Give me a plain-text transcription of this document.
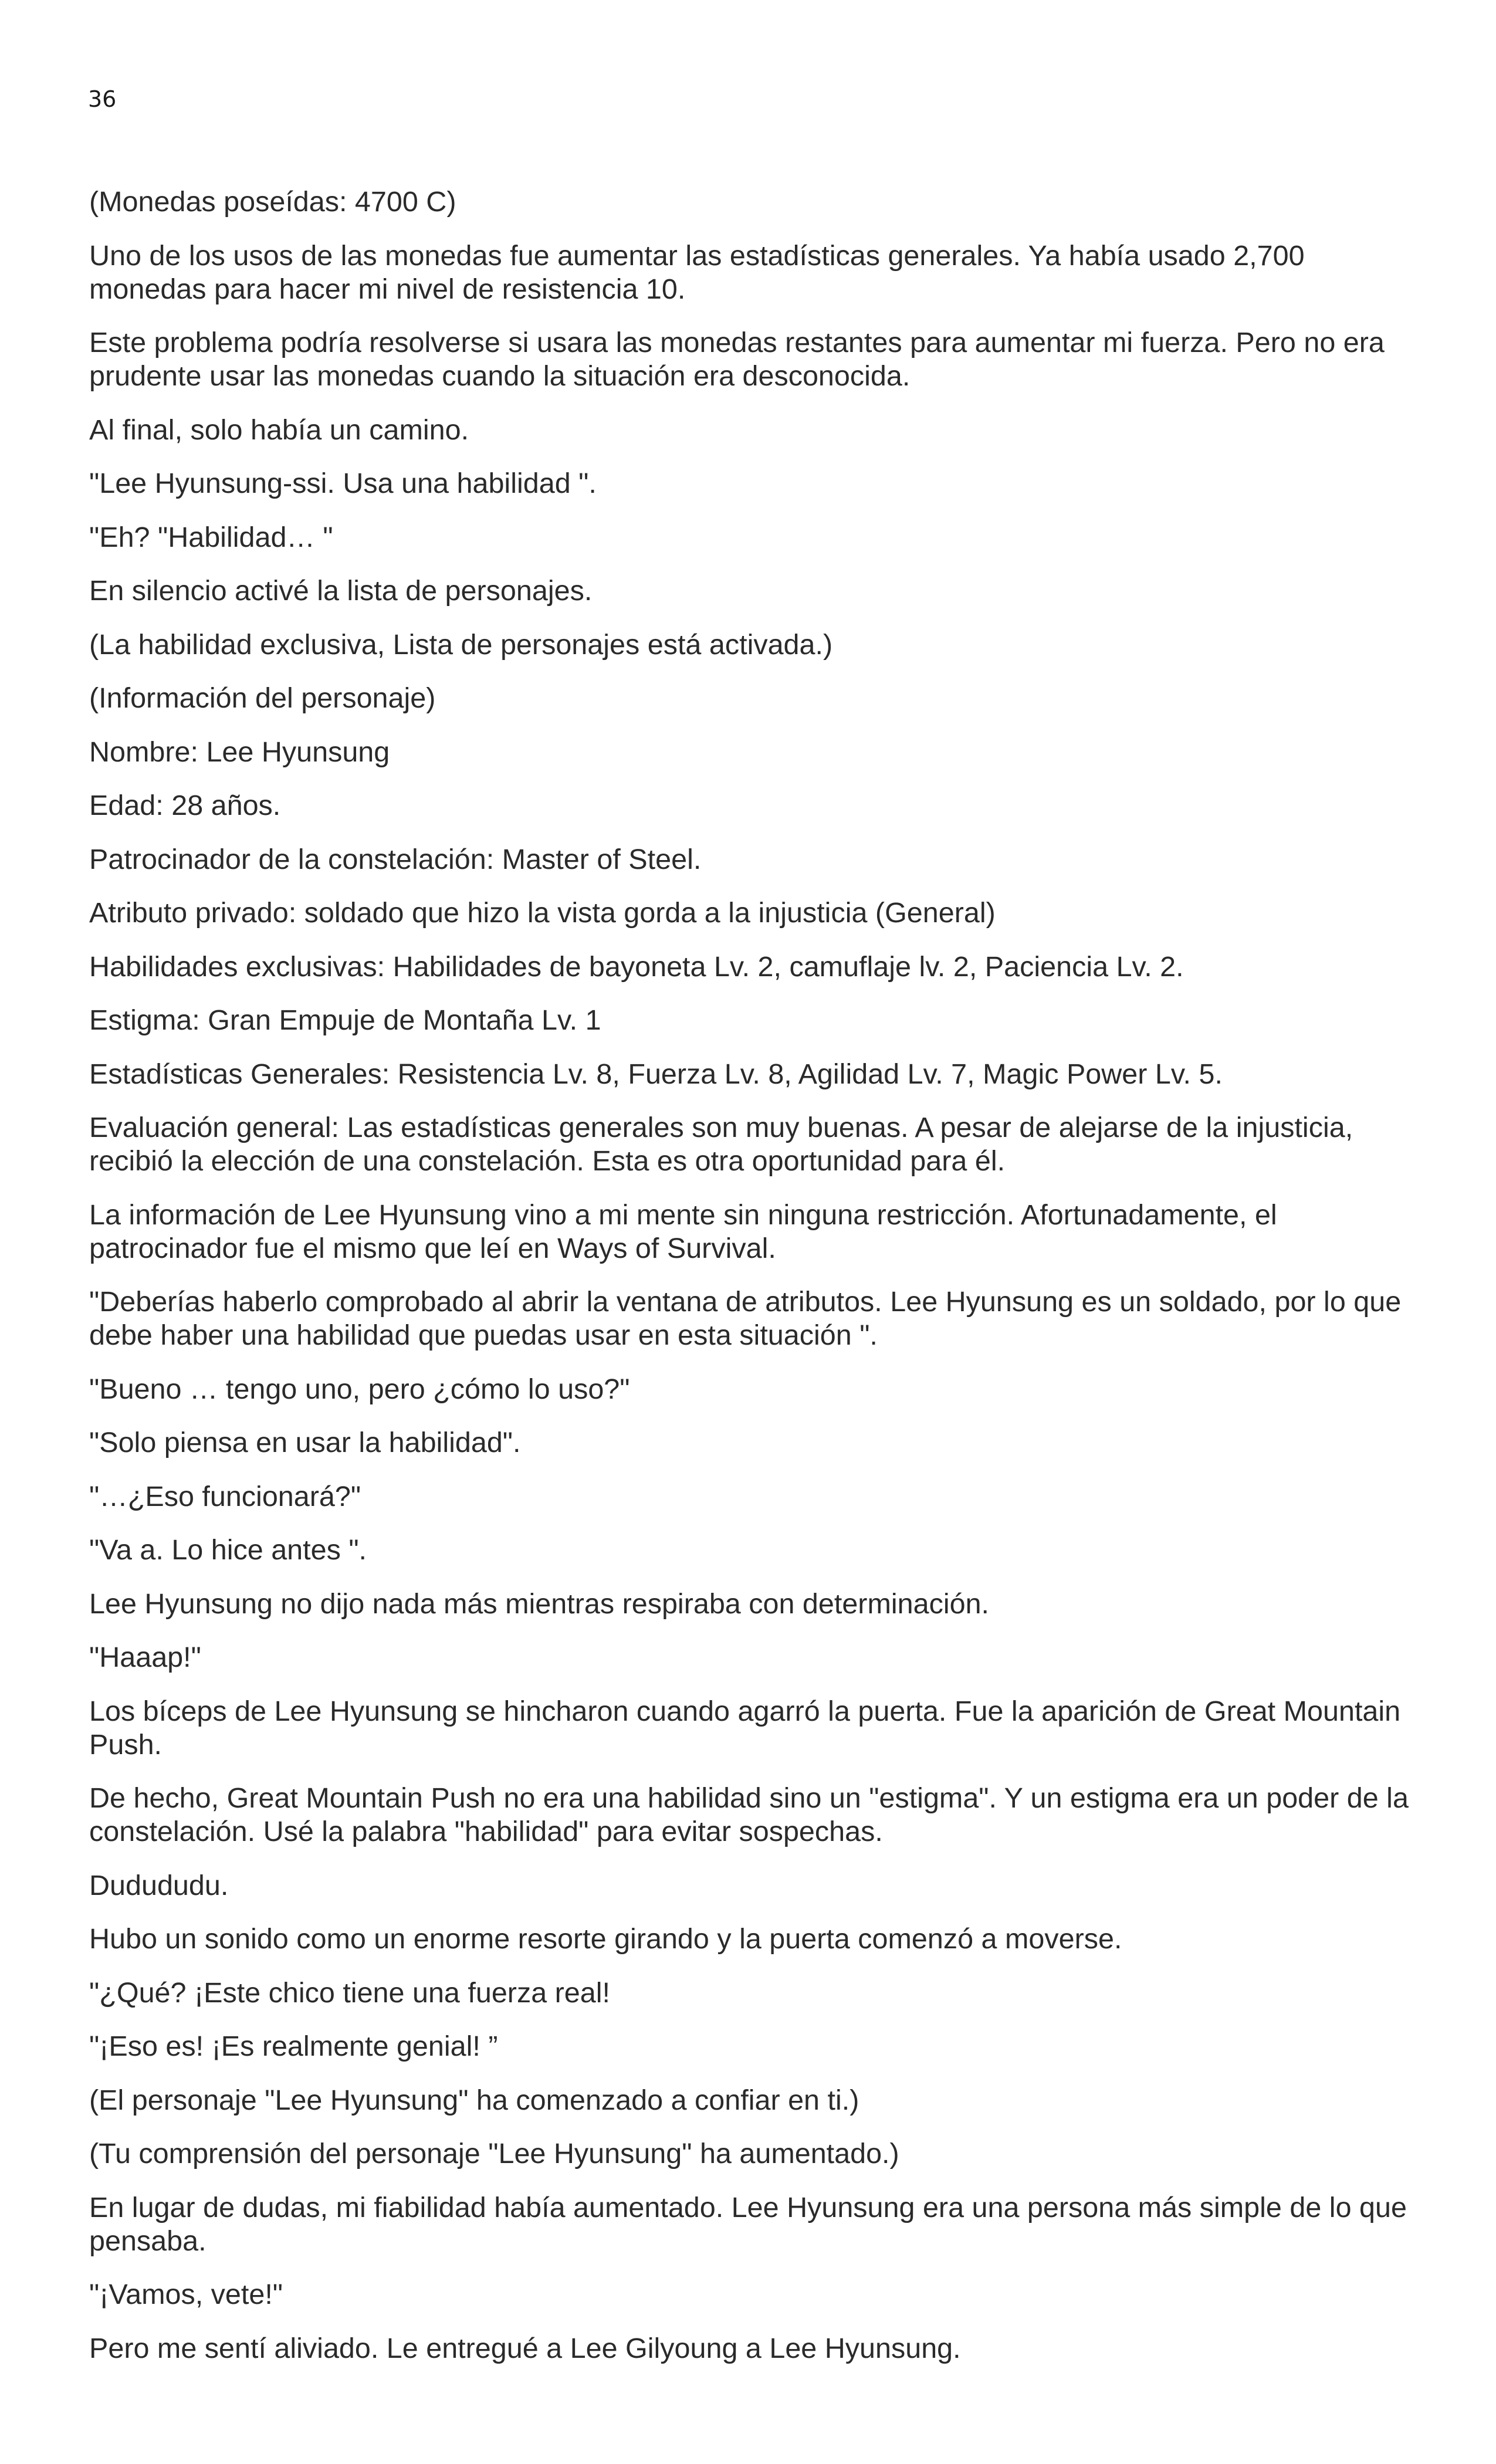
36

(Monedas poseídas: 4700 C)

Uno de los usos de las monedas fue aumentar las estadísticas generales. Ya había usado 2,700 monedas para hacer mi nivel de resistencia 10.

Este problema podría resolverse si usara las monedas restantes para aumentar mi fuerza. Pero no era prudente usar las monedas cuando la situación era desconocida.

Al final, solo había un camino.

"Lee Hyunsung-ssi. Usa una habilidad ".

"Eh? "Habilidad… "

En silencio activé la lista de personajes.

(La habilidad exclusiva, Lista de personajes está activada.)

(Información del personaje)

Nombre: Lee Hyunsung

Edad: 28 años.

Patrocinador de la constelación: Master of Steel.

Atributo privado: soldado que hizo la vista gorda a la injusticia (General)

Habilidades exclusivas: Habilidades de bayoneta Lv. 2, camuflaje lv. 2, Paciencia Lv. 2.

Estigma: Gran Empuje de Montaña Lv. 1

Estadísticas Generales: Resistencia Lv. 8, Fuerza Lv. 8, Agilidad Lv. 7, Magic Power Lv. 5.

Evaluación general: Las estadísticas generales son muy buenas. A pesar de alejarse de la injusticia, recibió la elección de una constelación. Esta es otra oportunidad para él.

La información de Lee Hyunsung vino a mi mente sin ninguna restricción. Afortunadamente, el patrocinador fue el mismo que leí en Ways of Survival.

"Deberías haberlo comprobado al abrir la ventana de atributos. Lee Hyunsung es un soldado, por lo que debe haber una habilidad que puedas usar en esta situación ".

"Bueno … tengo uno, pero ¿cómo lo uso?"

"Solo piensa en usar la habilidad".

"…¿Eso funcionará?"

"Va a. Lo hice antes ".

Lee Hyunsung no dijo nada más mientras respiraba con determinación.

"Haaap!"

Los bíceps de Lee Hyunsung se hincharon cuando agarró la puerta. Fue la aparición de Great Mountain Push.

De hecho, Great Mountain Push no era una habilidad sino un "estigma". Y un estigma era un poder de la constelación. Usé la palabra "habilidad" para evitar sospechas.

Dudududu.

Hubo un sonido como un enorme resorte girando y la puerta comenzó a moverse.

"¿Qué? ¡Este chico tiene una fuerza real!

"¡Eso es! ¡Es realmente genial! ”

(El personaje "Lee Hyunsung" ha comenzado a confiar en ti.)

(Tu comprensión del personaje "Lee Hyunsung" ha aumentado.)

En lugar de dudas, mi fiabilidad había aumentado. Lee Hyunsung era una persona más simple de lo que pensaba.

"¡Vamos, vete!"

Pero me sentí aliviado. Le entregué a Lee Gilyoung a Lee Hyunsung.
